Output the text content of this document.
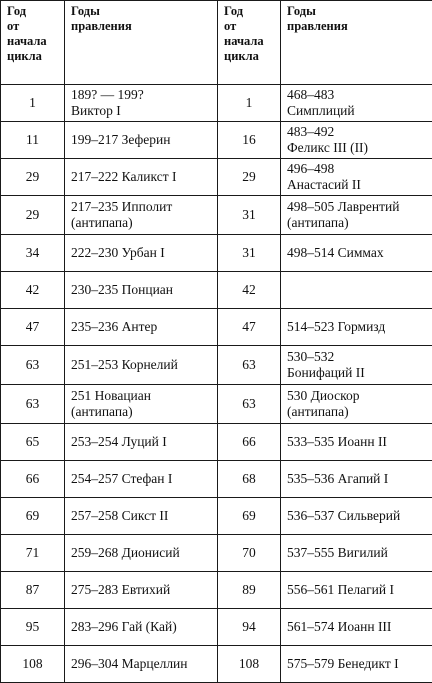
Год
от
начала
цикла	Годы
правления	Год
от
начала
цикла	Годы
правления

1	189? — 199?
Виктор I	1	468–483
Симплиций

11	199–217 Зеферин	16	483–492
Феликс III (II)

29	217–222 Каликст I	29	496–498
Анастасий II

29	217–235 Ипполит
(антипапа)	31	498–505 Лаврентий
(антипапа)

34	222–230 Урбан I	31	498–514 Симмах

42	230–235 Понциан	42	
47	235–236 Антер	47	514–523 Гормизд

63	251–253 Корнелий	63	530–532
Бонифаций II

63	251 Новациан
(антипапа)	63	530 Диоскор
(антипапа)

65	253–254 Луций I	66	533–535 Иоанн II

66	254–257 Стефан I	68	535–536 Агапий I

69	257–258 Сикст II	69	536–537 Сильверий

71	259–268 Дионисий	70	537–555 Вигилий

87	275–283 Евтихий	89	556–561 Пелагий I

95	283–296 Гай (Кай)	94	561–574 Иоанн III

108	296–304 Марцеллин	108	575–579 Бенедикт I
